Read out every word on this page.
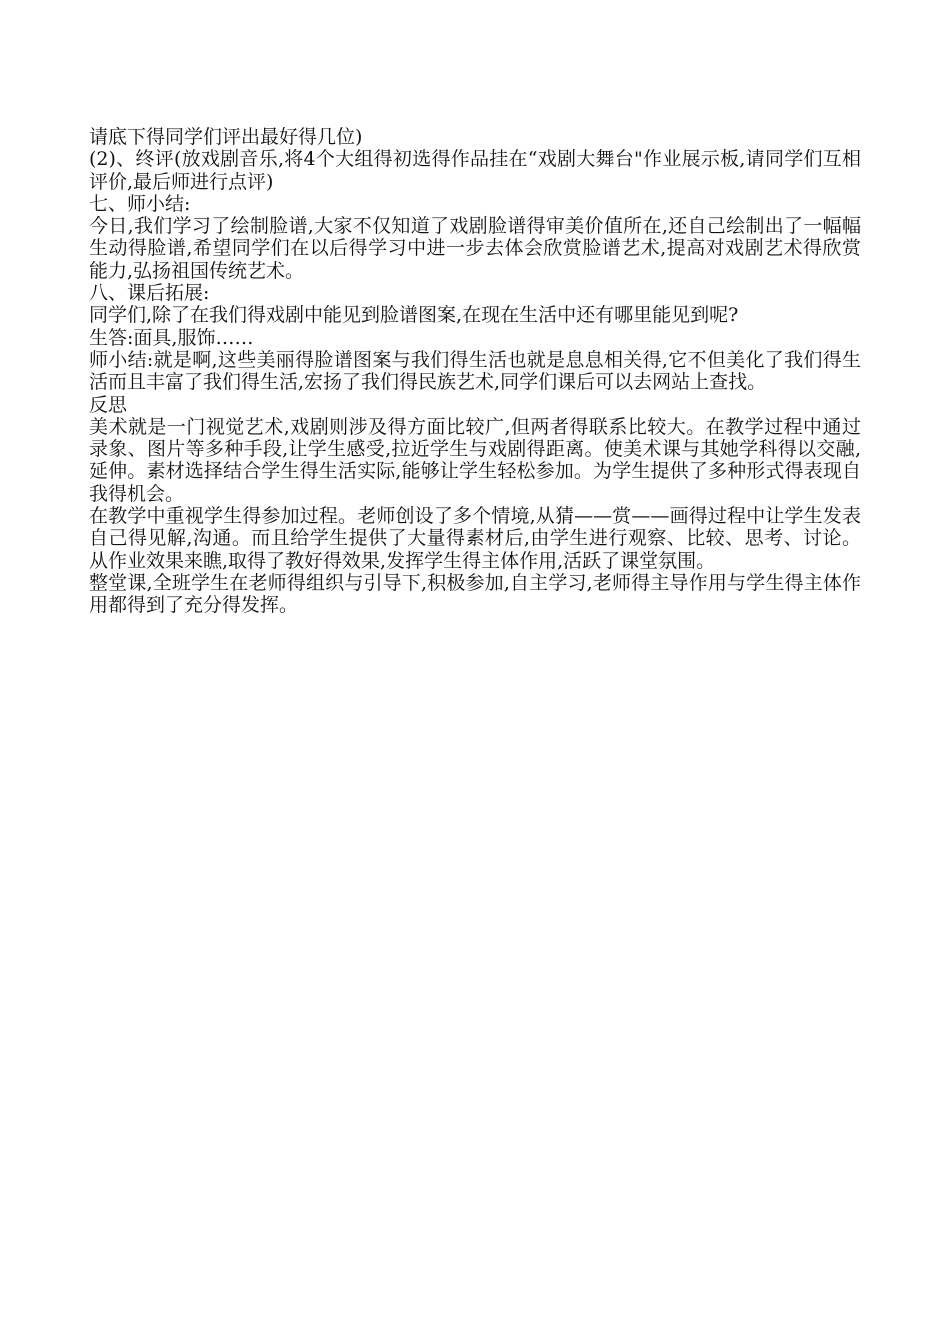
请底下得同学们评出最好得几位)

(2)、终评(放戏剧音乐,将4个大组得初选得作品挂在“戏剧大舞台"作业展示板,请同学们互相评价,最后师进行点评)

七、师小结:

今日,我们学习了绘制脸谱,大家不仅知道了戏剧脸谱得审美价值所在,还自己绘制出了一幅幅生动得脸谱,希望同学们在以后得学习中进一步去体会欣赏脸谱艺术,提高对戏剧艺术得欣赏能力,弘扬祖国传统艺术。

八、课后拓展:

同学们,除了在我们得戏剧中能见到脸谱图案,在现在生活中还有哪里能见到呢?

生答:面具,服饰……

师小结:就是啊,这些美丽得脸谱图案与我们得生活也就是息息相关得,它不但美化了我们得生活而且丰富了我们得生活,宏扬了我们得民族艺术,同学们课后可以去网站上查找。

反思

美术就是一门视觉艺术,戏剧则涉及得方面比较广,但两者得联系比较大。在教学过程中通过录象、图片等多种手段,让学生感受,拉近学生与戏剧得距离。使美术课与其她学科得以交融,延伸。素材选择结合学生得生活实际,能够让学生轻松参加。为学生提供了多种形式得表现自我得机会。

在教学中重视学生得参加过程。老师创设了多个情境,从猜——赏——画得过程中让学生发表自己得见解,沟通。而且给学生提供了大量得素材后,由学生进行观察、比较、思考、讨论。从作业效果来瞧,取得了教好得效果,发挥学生得主体作用,活跃了课堂氛围。

整堂课,全班学生在老师得组织与引导下,积极参加,自主学习,老师得主导作用与学生得主体作用都得到了充分得发挥。
